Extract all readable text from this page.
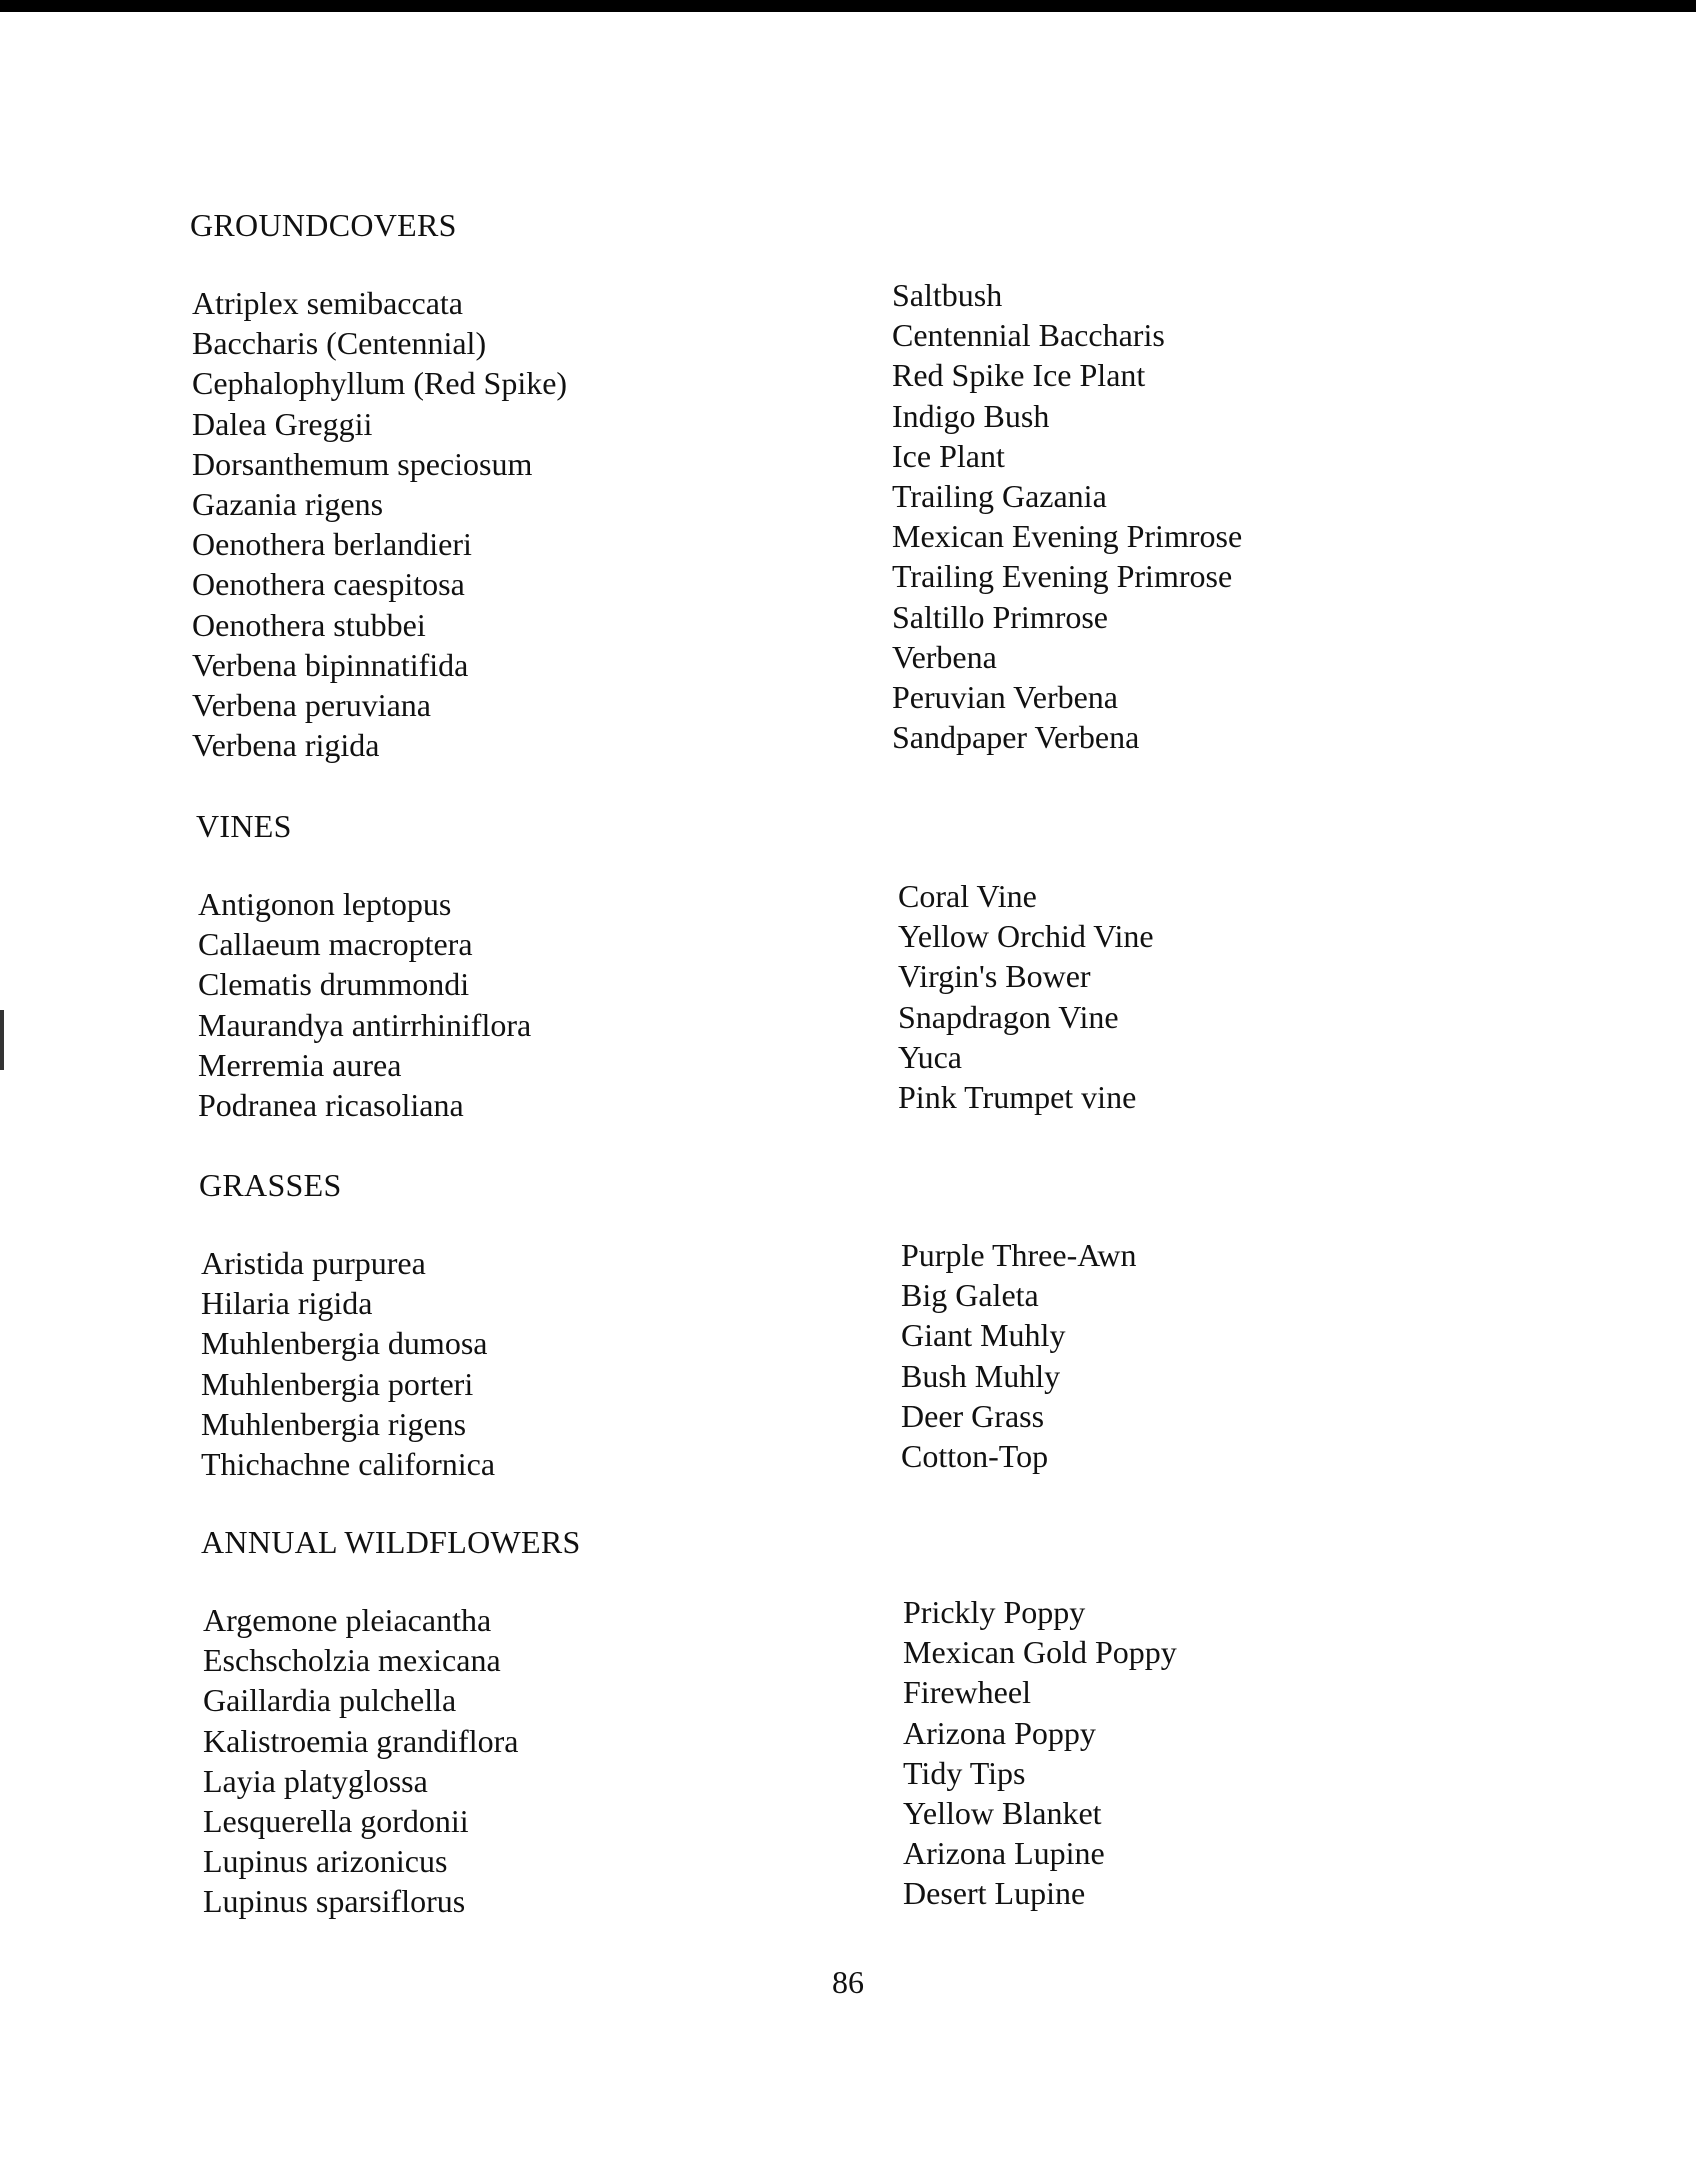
GROUNDCOVERS
Atriplex semibaccata
Baccharis (Centennial)
Cephalophyllum (Red Spike)
Dalea Greggii
Dorsanthemum speciosum
Gazania rigens
Oenothera berlandieri
Oenothera caespitosa
Oenothera stubbei
Verbena bipinnatifida
Verbena peruviana
Verbena rigida
Saltbush
Centennial Baccharis
Red Spike Ice Plant
Indigo Bush
Ice Plant
Trailing Gazania
Mexican Evening Primrose
Trailing Evening Primrose
Saltillo Primrose
Verbena
Peruvian Verbena
Sandpaper Verbena
VINES
Antigonon leptopus
Callaeum macroptera
Clematis drummondi
Maurandya antirrhiniflora
Merremia aurea
Podranea ricasoliana
Coral Vine
Yellow Orchid Vine
Virgin's Bower
Snapdragon Vine
Yuca
Pink Trumpet vine
GRASSES
Aristida purpurea
Hilaria rigida
Muhlenbergia dumosa
Muhlenbergia porteri
Muhlenbergia rigens
Thichachne californica
Purple Three-Awn
Big Galeta
Giant Muhly
Bush Muhly
Deer Grass
Cotton-Top
ANNUAL WILDFLOWERS
Argemone pleiacantha
Eschscholzia mexicana
Gaillardia pulchella
Kalistroemia grandiflora
Layia platyglossa
Lesquerella gordonii
Lupinus arizonicus
Lupinus sparsiflorus
Prickly Poppy
Mexican Gold Poppy
Firewheel
Arizona Poppy
Tidy Tips
Yellow Blanket
Arizona Lupine
Desert Lupine
86
